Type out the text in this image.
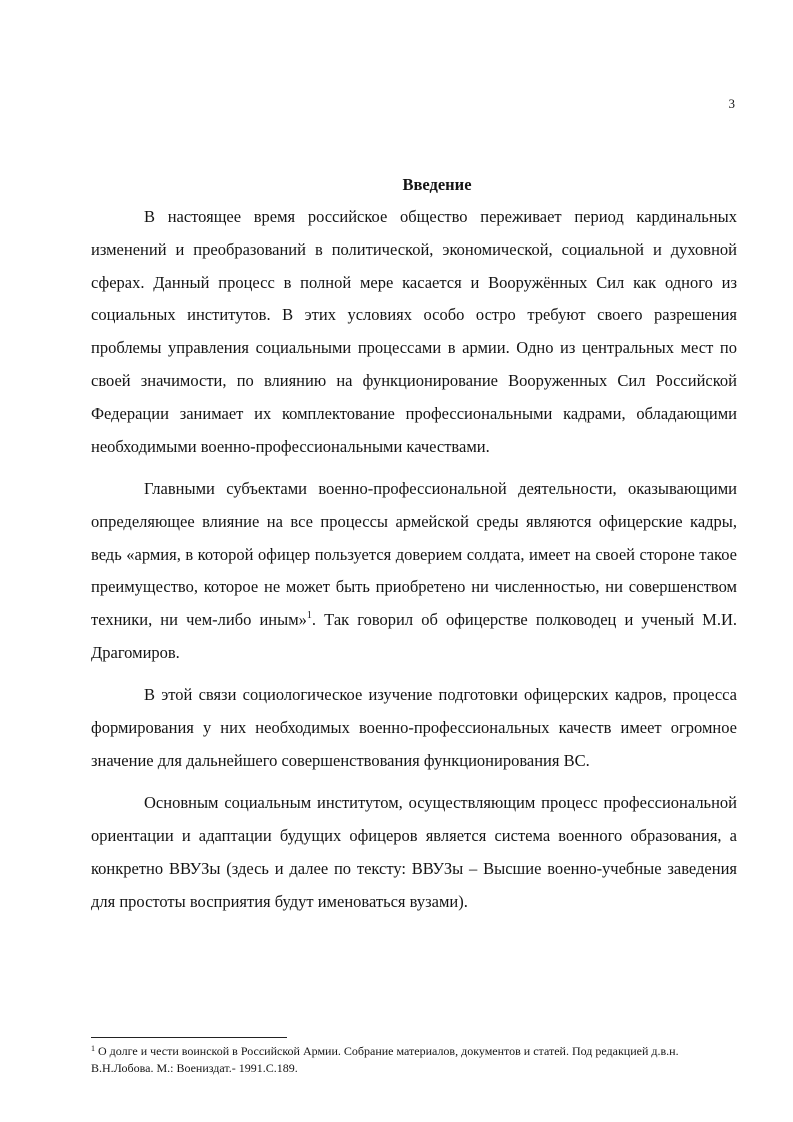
3
Введение

В настоящее время российское общество переживает период кардинальных изменений и преобразований в политической, экономической, социальной и духовной сферах. Данный процесс в полной мере касается и Вооружённых Сил как одного из социальных институтов. В этих условиях особо остро требуют своего разрешения проблемы управления социальными процессами в армии. Одно из центральных мест по своей значимости, по влиянию на функционирование Вооруженных Сил Российской Федерации занимает их комплектование профессиональными кадрами, обладающими необходимыми военно-профессиональными качествами.

Главными субъектами военно-профессиональной деятельности, оказывающими определяющее влияние на все процессы армейской среды являются офицерские кадры, ведь «армия, в которой офицер пользуется доверием солдата, имеет на своей стороне такое преимущество, которое не может быть приобретено ни численностью, ни совершенством техники, ни чем-либо иным»$^1$. Так говорил об офицерстве полководец и ученый М.И. Драгомиров.

В этой связи социологическое изучение подготовки офицерских кадров, процесса формирования у них необходимых военно-профессиональных качеств имеет огромное значение для дальнейшего совершенствования функционирования ВС.

Основным социальным институтом, осуществляющим процесс профессиональной ориентации и адаптации будущих офицеров является система военного образования, а конкретно ВВУЗы (здесь и далее по тексту: ВВУЗы – Высшие военно-учебные заведения для простоты восприятия будут именоваться вузами).

$^1$ О долге и чести воинской в Российской Армии. Собрание материалов, документов и статей. Под редакцией д.в.н. В.Н.Лобова. М.: Воениздат.- 1991.С.189.
